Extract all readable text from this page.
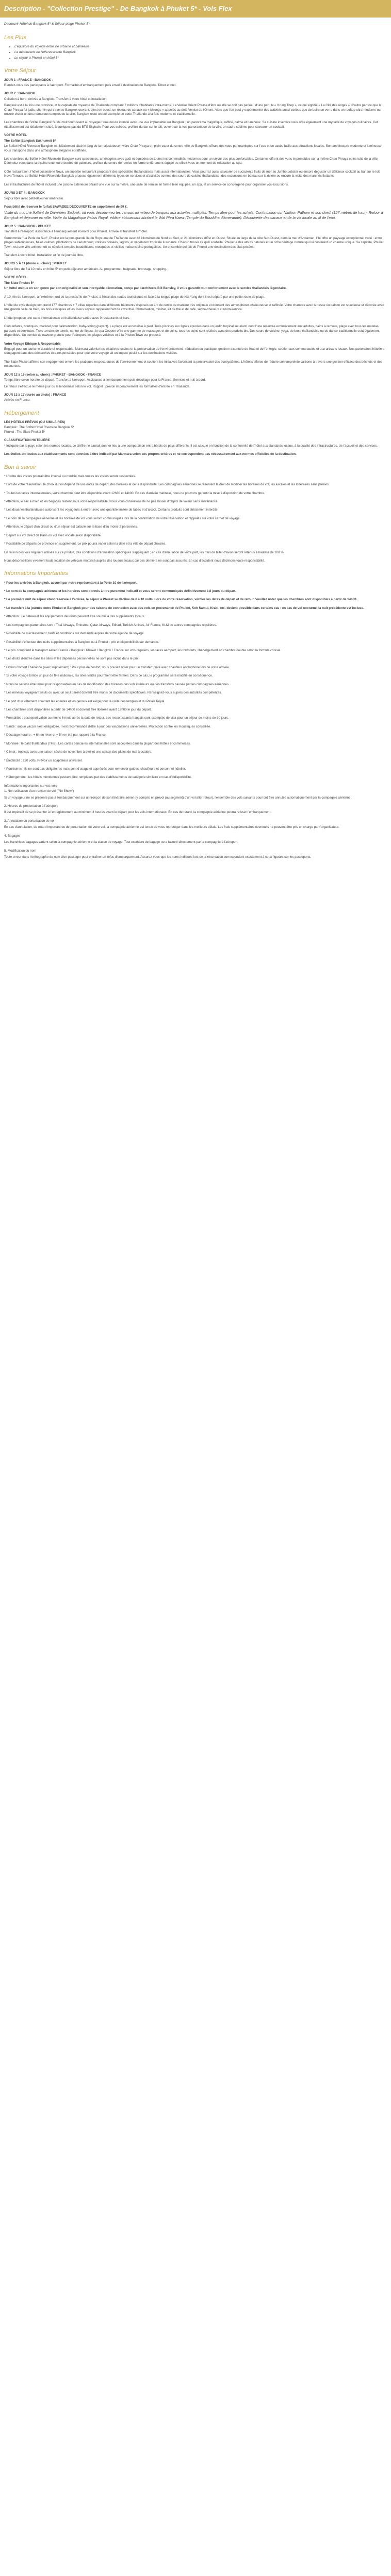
Description - "Collection Prestige" - De Bangkok à Phuket 5* - Vols Flex
Découvrir Hôtel de Bangkok 5* & Séjour plage Phuket 5*.
Les Plus
• L'équilibre du voyage entre vie urbaine et balnéaire
• La découverte de l'effervescente Bangkok
• Le séjour à Phuket en hôtel 5*
Votre Séjour
JOUR 1 : FRANCE - BANGKOK :

Rendez-vous des participants à l'aéroport. Formalités d'embarquement puis envol à destination de Bangkok. Dîner et nuit.

JOUR 2 : BANGKOK

Collation à bord. Arrivée à Bangkok. Transfert à votre hôtel et installation.

Bangkok est à la fois une province, et la capitale du royaume de Thaïlande comptant 7 millions d'habitants intra-muros. La Venise Orient Phrase d'être ou elle se doit pas parlée : d'une part, le « Krung Thep », ce qui signifie « La Cité des Anges », d'autre part ce que la Chao Phraya fut jadis, chemin qui traverse Bangkok ouvrant, d'est en ouest, un réseau de canaux ou « khlongs » appelés au delà Venise de l'Orient. Alors que l'on peut y expérimenter des activités aussi variées que de boire un verre dans un rooftop ultra-moderne ou encore visiter un des nombreux temples de la ville, Bangkok reste un bel exemple de cette Thaïlande à la fois moderne et traditionnelle.

Les chambres de Sofitel Bangkok Sukhumvit fournissent au voyageur une douce intimité avec une vue imprenable sur Bangkok ; un panorama magnifique, raffiné, calme et lumineux. Sa cuisine inventive vous offre également une myriade de voyages culinaires. Cet établissement est idéalement situé, à quelques pas du BTS Skytrain. Pour vos soirées, profitez du bar sur le toit, ouvert sur la vue panoramique de la ville, un cadre sublime pour savourer un cocktail.

VOTRE HÔTEL
The Sofitel Bangkok Sukhumvit 5*

Le Sofitel Hôtel Riverside Bangkok est idéalement situé le long de la majestueuse rivière Chao Phraya en plein cœur du centre-ville de Bangkok, offrant des vues panoramiques sur l'eau et un accès facile aux attractions locales. Son architecture moderne et lumineuse vous transporte dans une atmosphère élégante et raffinée.

Les chambres du Sofitel Hôtel Riverside Bangkok sont spacieuses, aménagées avec goût et équipées de toutes les commodités modernes pour un séjour des plus confortables. Certaines offrent des vues imprenables sur la rivière Chao Phraya et les toits de la ville. Détendez-vous dans la piscine extérieure bordée de palmiers, profitez du centre de remise en forme entièrement équipé ou offrez-vous un moment de relaxation au spa.

Côté restauration, l'hôtel possède le Nova, un superbe restaurant proposant des spécialités thaïlandaises mais aussi internationales. Vous pourrez aussi savourer de succulents fruits de mer au Jumbo Lobster ou encore déguster un délicieux cocktail au bar sur le toit Nova Terrace. Le Sofitel Hôtel Riverside Bangkok propose également différents types de services et d'activités comme des cours de cuisine thaïlandaise, des excursions en bateau sur la rivière ou encore la visite des marchés flottants.

Les infrastructures de l'hôtel incluent une piscine extérieure offrant une vue sur la rivière, une salle de remise en forme bien équipée, un spa, et un service de conciergerie pour organiser vos excursions.

JOURS 3 ET 4 : BANGKOK

Séjour libre avec petit-déjeuner américain.

Possibilité de réserver le forfait SAWADEE DÉCOUVERTE en supplément de 99 €.

Visite du marché flottant de Damnoen Saduak, où vous découvrirez les canaux au milieu de barques aux activités multiples. Temps libre pour les achats. Continuation sur Nakhon Pathom et son chedi (127 mètres de haut). Retour à Bangkok et déjeuner en ville. Visite du Magnifique Palais Royal, édifice éblouissant abritant le Wat Phra Kaew (Temple du Bouddha d'émeraude). Découverte des canaux et de la vie locale au fil de l'eau.

JOUR 5 : BANGKOK - PHUKET

Transfert à l'aéroport. Assistance à l'embarquement et envol pour Phuket. Arrivée et transfert à l'hôtel.

Surnommée "La Perle du Sud", Phuket est la plus grande île du Royaume de Thaïlande avec 48 kilomètres de Nord au Sud, et 21 kilomètres d'Est en Ouest. Située au large de la côte Sud-Ouest, dans la mer d'Andaman, l'île offre un paysage exceptionnel varié : entre plages sablonneuses, baies calmes, plantations de caoutchouc, collines boisées, lagons, et végétation tropicale luxuriante. Chacun trouve ce qu'il souhaite. Phuket a des atouts naturels et un riche héritage culturel qui lui confèrent un charme unique. Sa capitale, Phuket Town, est une ville animée, où se côtoient temples bouddhistes, mosquées et vieilles maisons sino-portugaises. Un ensemble qui fait de Phuket une destination des plus prisées.

Transfert à votre hôtel. Installation et fin de journée libre.

JOURS 5 À 11 (durée au choix) : PHUKET

Séjour libre de 6 à 10 nuits en hôtel 5* en petit-déjeuner américain. Au programme : baignade, bronzage, shopping.

VOTRE HÔTEL
The Slate Phuket 5*

Un hôtel unique en son genre par son originalité et son incroyable décoration, conçu par l'architecte Bill Bensley, il vous garantit tout confortement avec le service thaïlandais légendaire.

À 10 min de l'aéroport, à l'extrême nord de la presqu'île de Phuket, à l'écart des routes touristiques et face à la longue plage de Nai Yang dont il est séparé par une petite route de plage.

L'hôtel de style design comprend 177 chambres + 7 villas réparties dans différents bâtiments disposés en arc de cercle de manière très originale et donnant des atmosphères chaleureuse et raffinée. Votre chambre avec terrasse ou balcon est spacieuse et décorée avec une grande salle de bain, les bois exotiques et les tissus soyeux rappellent l'art de vivre thaï. Climatisation, minibar, kit de thé et de café, sèche-cheveux et room-service.

L'hôtel propose une carte internationale et thaïlandaise variée avec 9 restaurants et bars.

Club enfants, boutiques, matériel pour l'alimentation, baby-sitting (payant). La plage est accessible à pied. Trois piscines aux lignes épurées dans un jardin tropical luxuriant, dont l'une réservée exclusivement aux adultes, bains à remous, plage avec tous les matelas, parasols et serviettes. Trois terrains de tennis, centre de fitness, le spa Coqoon offre une gamme de massages et de soins, tous les soins sont réalisés avec des produits bio. Des cours de cuisine, yoga, de boxe thaïlandaise ou de danse traditionnelle sont également disponibles. Un service de navette gratuite pour l'aéroport, les plages voisines et à la Phuket Town est proposé.

Votre Voyage Ethique & Responsable

Engagé pour un tourisme durable et responsable, Marmara valorise les initiatives locales et la préservation de l'environnement : réduction du plastique, gestion raisonnée de l'eau et de l'énergie, soutien aux communautés et aux artisans locaux. Nos partenaires hôteliers s'engagent dans des démarches éco-responsables pour que votre voyage ait un impact positif sur les destinations visitées.

The Slate Phuket affirme son engagement envers les pratiques respectueuses de l'environnement et soutient les initiatives favorisant la préservation des écosystèmes. L'hôtel s'efforce de réduire son empreinte carbone à travers une gestion efficace des déchets et des ressources.

JOUR 12 à 16 (selon au choix) : PHUKET - BANGKOK - FRANCE

Temps libre selon horaire de départ. Transfert à l'aéroport. Assistance à l'embarquement puis décollage pour la France. Services et nuit à bord.

Le retour s'effectue le même jour ou le lendemain selon le vol. Rappel : prévoir impérativement les formalités d'entrée en Thaïlande.

JOUR 13 à 17 (durée au choix) : FRANCE

Arrivée en France.

Hébergement
LES HÔTELS PRÉVUS (OU SIMILAIRES)
Bangkok : The Sofitel Hotel Riverside Bangkok 5*
Phuket : The Slate Phuket 5*
CLASSIFICATION HOTELIÈRE

* Indiquée par le pays selon les normes locales, ce chiffre ne saurait donner lieu à une comparaison entre hôtels de pays différents. Il est calculé en fonction de la conformité de l'hôtel aux standards locaux, à la qualité des infrastructures, de l'accueil et des services.

Les étoiles attribuées aux établissements sont données à titre indicatif par Marmara selon ses propres critères et ne correspondent pas nécessairement aux normes officielles de la destination.

Bon à savoir

* L'ordre des visites pourrait être inversé ou modifié mais toutes les visites seront respectées.

* Lors de votre réservation, le choix du vol dépend de vos dates de départ, des horaires et de la disponibilité. Les compagnies aériennes se réservent le droit de modifier les horaires de vol, les escales et les itinéraires sans préavis.

* Toutes les taxes internationales, votre chambre peut être disponible avant 12h30 et 14h00. En cas d'arrivée matinale, nous ne pouvons garantir la mise à disposition de votre chambre.

* Attention, le sac à main et les bagages restent sous votre responsabilité. Nous vous conseillons de ne pas laisser d'objets de valeur sans surveillance.

* Les douanes thaïlandaises autorisent les voyageurs à entrer avec une quantité limitée de tabac et d'alcool. Certains produits sont strictement interdits.

* Le nom de la compagnie aérienne et les horaires de vol vous seront communiqués lors de la confirmation de votre réservation et rappelés sur votre carnet de voyage.

* Attention, le départ d'un circuit ou d'un séjour est calculé sur la base d'au moins 2 personnes.

* Départ sur vol direct de Paris ou vol avec escale selon disponibilité.

* Possibilité de départs de province en supplément. Le prix pourra varier selon la date et la ville de départ choisies.

En raison des vols réguliers utilisés sur ce produit, des conditions d'annulation spécifiques s'appliquent ; en cas d'annulation de votre part, les frais de billet d'avion seront retenus à hauteur de 100 %.

Nous déconseillons vivement toute location de véhicule motorisé auprès des loueurs locaux car ces derniers ne sont pas assurés. En cas d'accident nous déclinons toute responsabilité.

Informations Importantes

* Pour les arrivées à Bangkok, accueil par notre représentant à la Porte 10 de l'aéroport.

* Le nom de la compagnie aérienne et les horaires sont donnés à titre purement indicatif et vous seront communiqués définitivement à 8 jours du départ.

* La première nuit de séjour étant réservée à l'arrivée, le séjour à Phuket se décline de 6 à 10 nuits. Lors de votre réservation, vérifiez les dates de départ et de retour. Veuillez noter que les chambres sont disponibles à partir de 14h00.

* Le transfert à la journée entre Phuket et Bangkok pour des raisons de connexion avec des vols en provenance de Phuket, Koh Samui, Krabi, etc. devient possible dans certains cas : en cas de vol nocturne, la nuit précédente est incluse.

* Attention : Le bateau et les équipements de loisirs peuvent être soumis à des suppléments locaux.

* Les compagnies partenaires sont : Thai Airways, Emirates, Qatar Airways, Etihad, Turkish Airlines, Air France, KLM ou autres compagnies régulières.

* Possibilité de surclassement, tarifs et conditions sur demande auprès de votre agence de voyage.

* Possibilité d'effectuer des nuits supplémentaires à Bangkok ou à Phuket : prix et disponibilités sur demande.

* Le prix comprend le transport aérien France / Bangkok / Phuket / Bangkok / France sur vols réguliers, les taxes aéroport, les transferts, l'hébergement en chambre double selon la formule choisie.

* Les droits d'entrée dans les sites et les dépenses personnelles ne sont pas inclus dans le prix.

* Option Confort Thaïlande (avec supplément) : Pour plus de confort, vous pouvez opter pour un transfert privé avec chauffeur anglophone lors de votre arrivée.

* Si votre voyage tombe un jour de fête nationale, les sites visités pourraient être fermés. Dans ce cas, le programme sera modifié en conséquence.

* Nous ne serions être tenus pour responsables en cas de modification des horaires des vols intérieurs ou des transferts causée par les compagnies aériennes.

* Les mineurs voyageant seuls ou avec un seul parent doivent être munis de documents spécifiques. Renseignez-vous auprès des autorités compétentes.

* Le port d'un vêtement couvrant les épaules et les genoux est exigé pour la visite des temples et du Palais Royal.

* Les chambres sont disponibles à partir de 14h00 et doivent être libérées avant 12h00 le jour du départ.

* Formalités : passeport valide au moins 6 mois après la date de retour. Les ressortissants français sont exemptés de visa pour un séjour de moins de 30 jours.

* Santé : aucun vaccin n'est obligatoire. Il est recommandé d'être à jour des vaccinations universelles. Protection contre les moustiques conseillée.

* Décalage horaire : + 6h en hiver et + 5h en été par rapport à la France.

* Monnaie : le baht thaïlandais (THB). Les cartes bancaires internationales sont acceptées dans la plupart des hôtels et commerces.

* Climat : tropical, avec une saison sèche de novembre à avril et une saison des pluies de mai à octobre.

* Électricité : 220 volts. Prévoir un adaptateur universel.

* Pourboires : ils ne sont pas obligatoires mais sont d'usage et appréciés pour remercier guides, chauffeurs et personnel hôtelier.

* Hébergement : les hôtels mentionnés peuvent être remplacés par des établissements de catégorie similaire en cas d'indisponibilité.

Informations importantes sur vos vols

1. Non-utilisation d'un tronçon de vol ("No Show")

Si un voyageur ne se présente pas à l'embarquement sur un tronçon de son itinéraire aérien (y compris en prévol (ou segment) d'un vol aller-retour), l'ensemble des vols suivants pourront être annulés automatiquement par la compagnie aérienne.

2. Heures de présentation à l'aéroport

Il est impératif de se présenter à l'enregistrement au minimum 3 heures avant le départ pour les vols internationaux. En cas de retard, la compagnie aérienne pourra refuser l'embarquement.

3. Annulation ou perturbation de vol

En cas d'annulation, de retard important ou de perturbation de votre vol, la compagnie aérienne est tenue de vous reprotéger dans les meilleurs délais. Les frais supplémentaires éventuels ne peuvent être pris en charge par l'organisateur.

4. Bagages

Les franchises bagages varient selon la compagnie aérienne et la classe de voyage. Tout excédent de bagage sera facturé directement par la compagnie à l'aéroport.

5. Modification du nom

Toute erreur dans l'orthographe du nom d'un passager peut entraîner un refus d'embarquement. Assurez-vous que les noms indiqués lors de la réservation correspondent exactement à ceux figurant sur les passeports.
